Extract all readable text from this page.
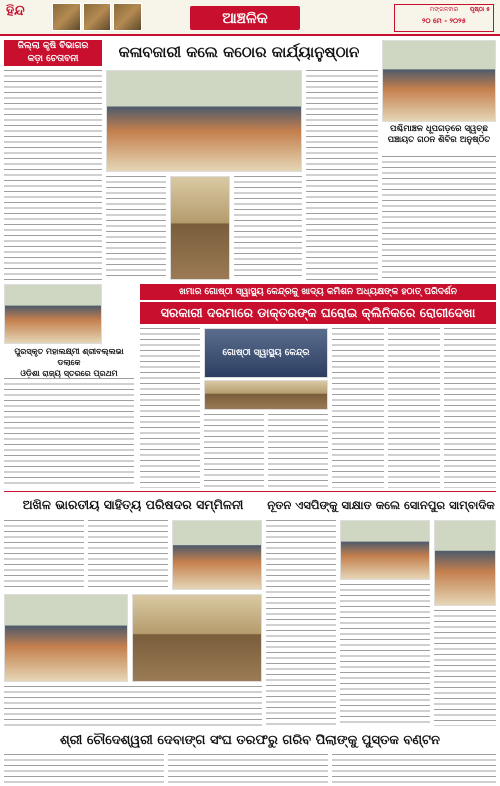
ହିନ୍ଦ	ଆଞ୍ଚଳିକ	ପୃଷ୍ଠା ୫
ମଙ୍ଗଳବାର
୨୦ ମେ - ୨୦୨୫
ଜିଲ୍ଲା କୃଷି ବିଭାଗର
କଡ଼ା ଚେତାବନୀ	କଳାବଜାରୀ କଲେ କଠୋର କାର୍ଯ୍ୟାନୁଷ୍ଠାନ
ପଶ୍ଚିମାଞ୍ଚଳ ଧୂପଗଡ଼ରେ ସ୍ୱଚ୍ଛ
ପଞ୍ଚାୟତ ଗଠନ ଶିବିର ଅନୁଷ୍ଠିତ
ପୁରସ୍କୃତ ମହାଲକ୍ଷ୍ମୀ ଶ୍ରୀବଲ୍ଲଭା ଡଲାକେ
ଓଡ଼ିଶା ରାଜ୍ୟ ସ୍ତରରେ ପ୍ରଥମ
ଖମାର ଗୋଷ୍ଠୀ ସ୍ୱାସ୍ଥ୍ୟ କେନ୍ଦ୍ରକୁ ଖାଦ୍ୟ କମିଶନ ଅଧ୍ୟକ୍ଷଙ୍କ ହଠାତ୍ ପରିଦର୍ଶନ
ସରକାରୀ ଦରମାରେ ଡାକ୍ତରଙ୍କ ଘରୋଇ କ୍ଲିନିକରେ ରୋଗୀଦେଖା
ଗୋଷ୍ଠୀ ସ୍ୱାସ୍ଥ୍ୟ କେନ୍ଦ୍ର
ଅଖିଳ ଭାରତୀୟ ସାହିତ୍ୟ ପରିଷଦର ସମ୍ମିଳନୀ	ନୂତନ ଏସପିଙ୍କୁ ସାକ୍ଷାତ କଲେ ସୋନପୁର ସାମ୍ବାଦିକ
ଶ୍ରୀ ଚୌଦେଶ୍ୱରୀ ଦେବାଙ୍ଗ ସଂଘ ତରଫରୁ ଗରିବ ପିଲାଙ୍କୁ ପୁସ୍ତକ ବଣ୍ଟନ
